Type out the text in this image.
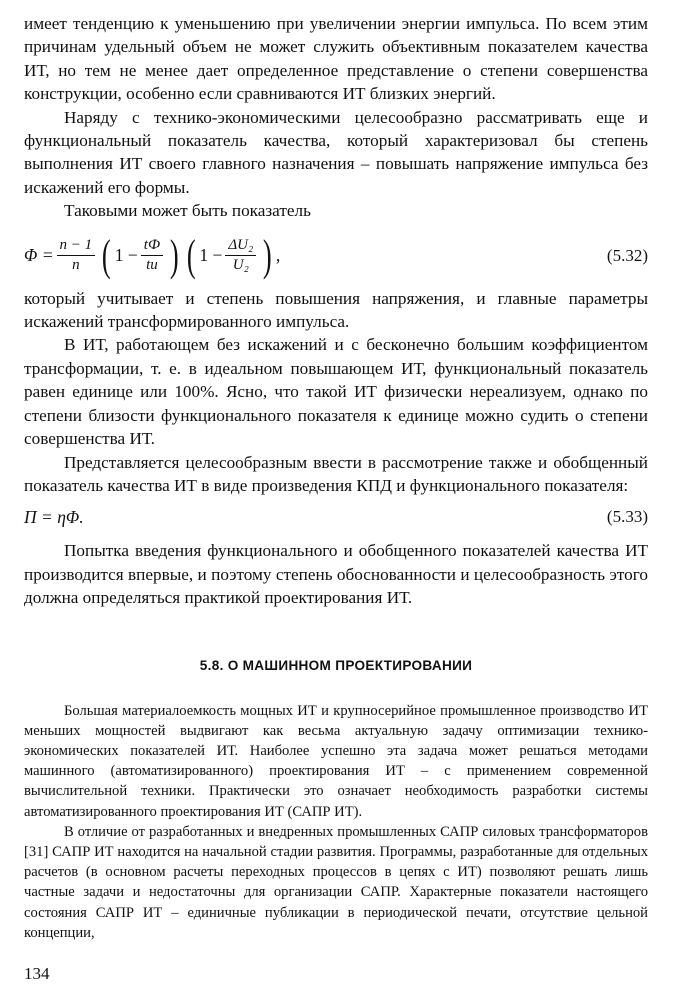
имеет тенденцию к уменьшению при увеличении энергии импульса. По всем этим причинам удельный объем не может служить объективным показателем качества ИТ, но тем не менее дает определенное представление о степени совершенства конструкции, особенно если сравниваются ИТ близких энергий.

Наряду с технико-экономическими целесообразно рассматривать еще и функциональный показатель качества, который характеризовал бы степень выполнения ИТ своего главного назначения – повышать напряжение импульса без искажений его формы.

Таковыми может быть показатель

$\Phi = \frac{n - 1}{n}$ ( $1 - \frac{tФ}{tи}$ ) ( $1 - \frac{\text{ΔU₂}}{\text{U₂}}$ ) ,	(5.32)

который учитывает и степень повышения напряжения, и главные параметры искажений трансформированного импульса.

В ИТ, работающем без искажений и с бесконечно большим коэффициентом трансформации, т. е. в идеальном повышающем ИТ, функциональный показатель равен единице или 100%. Ясно, что такой ИТ физически нереализуем, однако по степени близости функционального показателя к единице можно судить о степени совершенства ИТ.

Представляется целесообразным ввести в рассмотрение также и обобщенный показатель качества ИТ в виде произведения КПД и функционального показателя:

Π = ηΦ.	(5.33)

Попытка введения функционального и обобщенного показателей качества ИТ производится впервые, и поэтому степень обоснованности и целесообразность этого должна определяться практикой проектирования ИТ.

5.8. О МАШИННОМ ПРОЕКТИРОВАНИИ

Большая материалоемкость мощных ИТ и крупносерийное промышленное производство ИТ меньших мощностей выдвигают как весьма актуальную задачу оптимизации технико-экономических показателей ИТ. Наиболее успешно эта задача может решаться методами машинного (автоматизированного) проектирования ИТ – с применением современной вычислительной техники. Практически это означает необходимость разработки системы автоматизированного проектирования ИТ (САПР ИТ).

В отличие от разработанных и внедренных промышленных САПР силовых трансформаторов [31] САПР ИТ находится на начальной стадии развития. Программы, разработанные для отдельных расчетов (в основном расчеты переходных процессов в цепях с ИТ) позволяют решать лишь частные задачи и недостаточны для организации САПР. Характерные показатели настоящего состояния САПР ИТ – единичные публикации в периодической печати, отсутствие цельной концепции,

134
